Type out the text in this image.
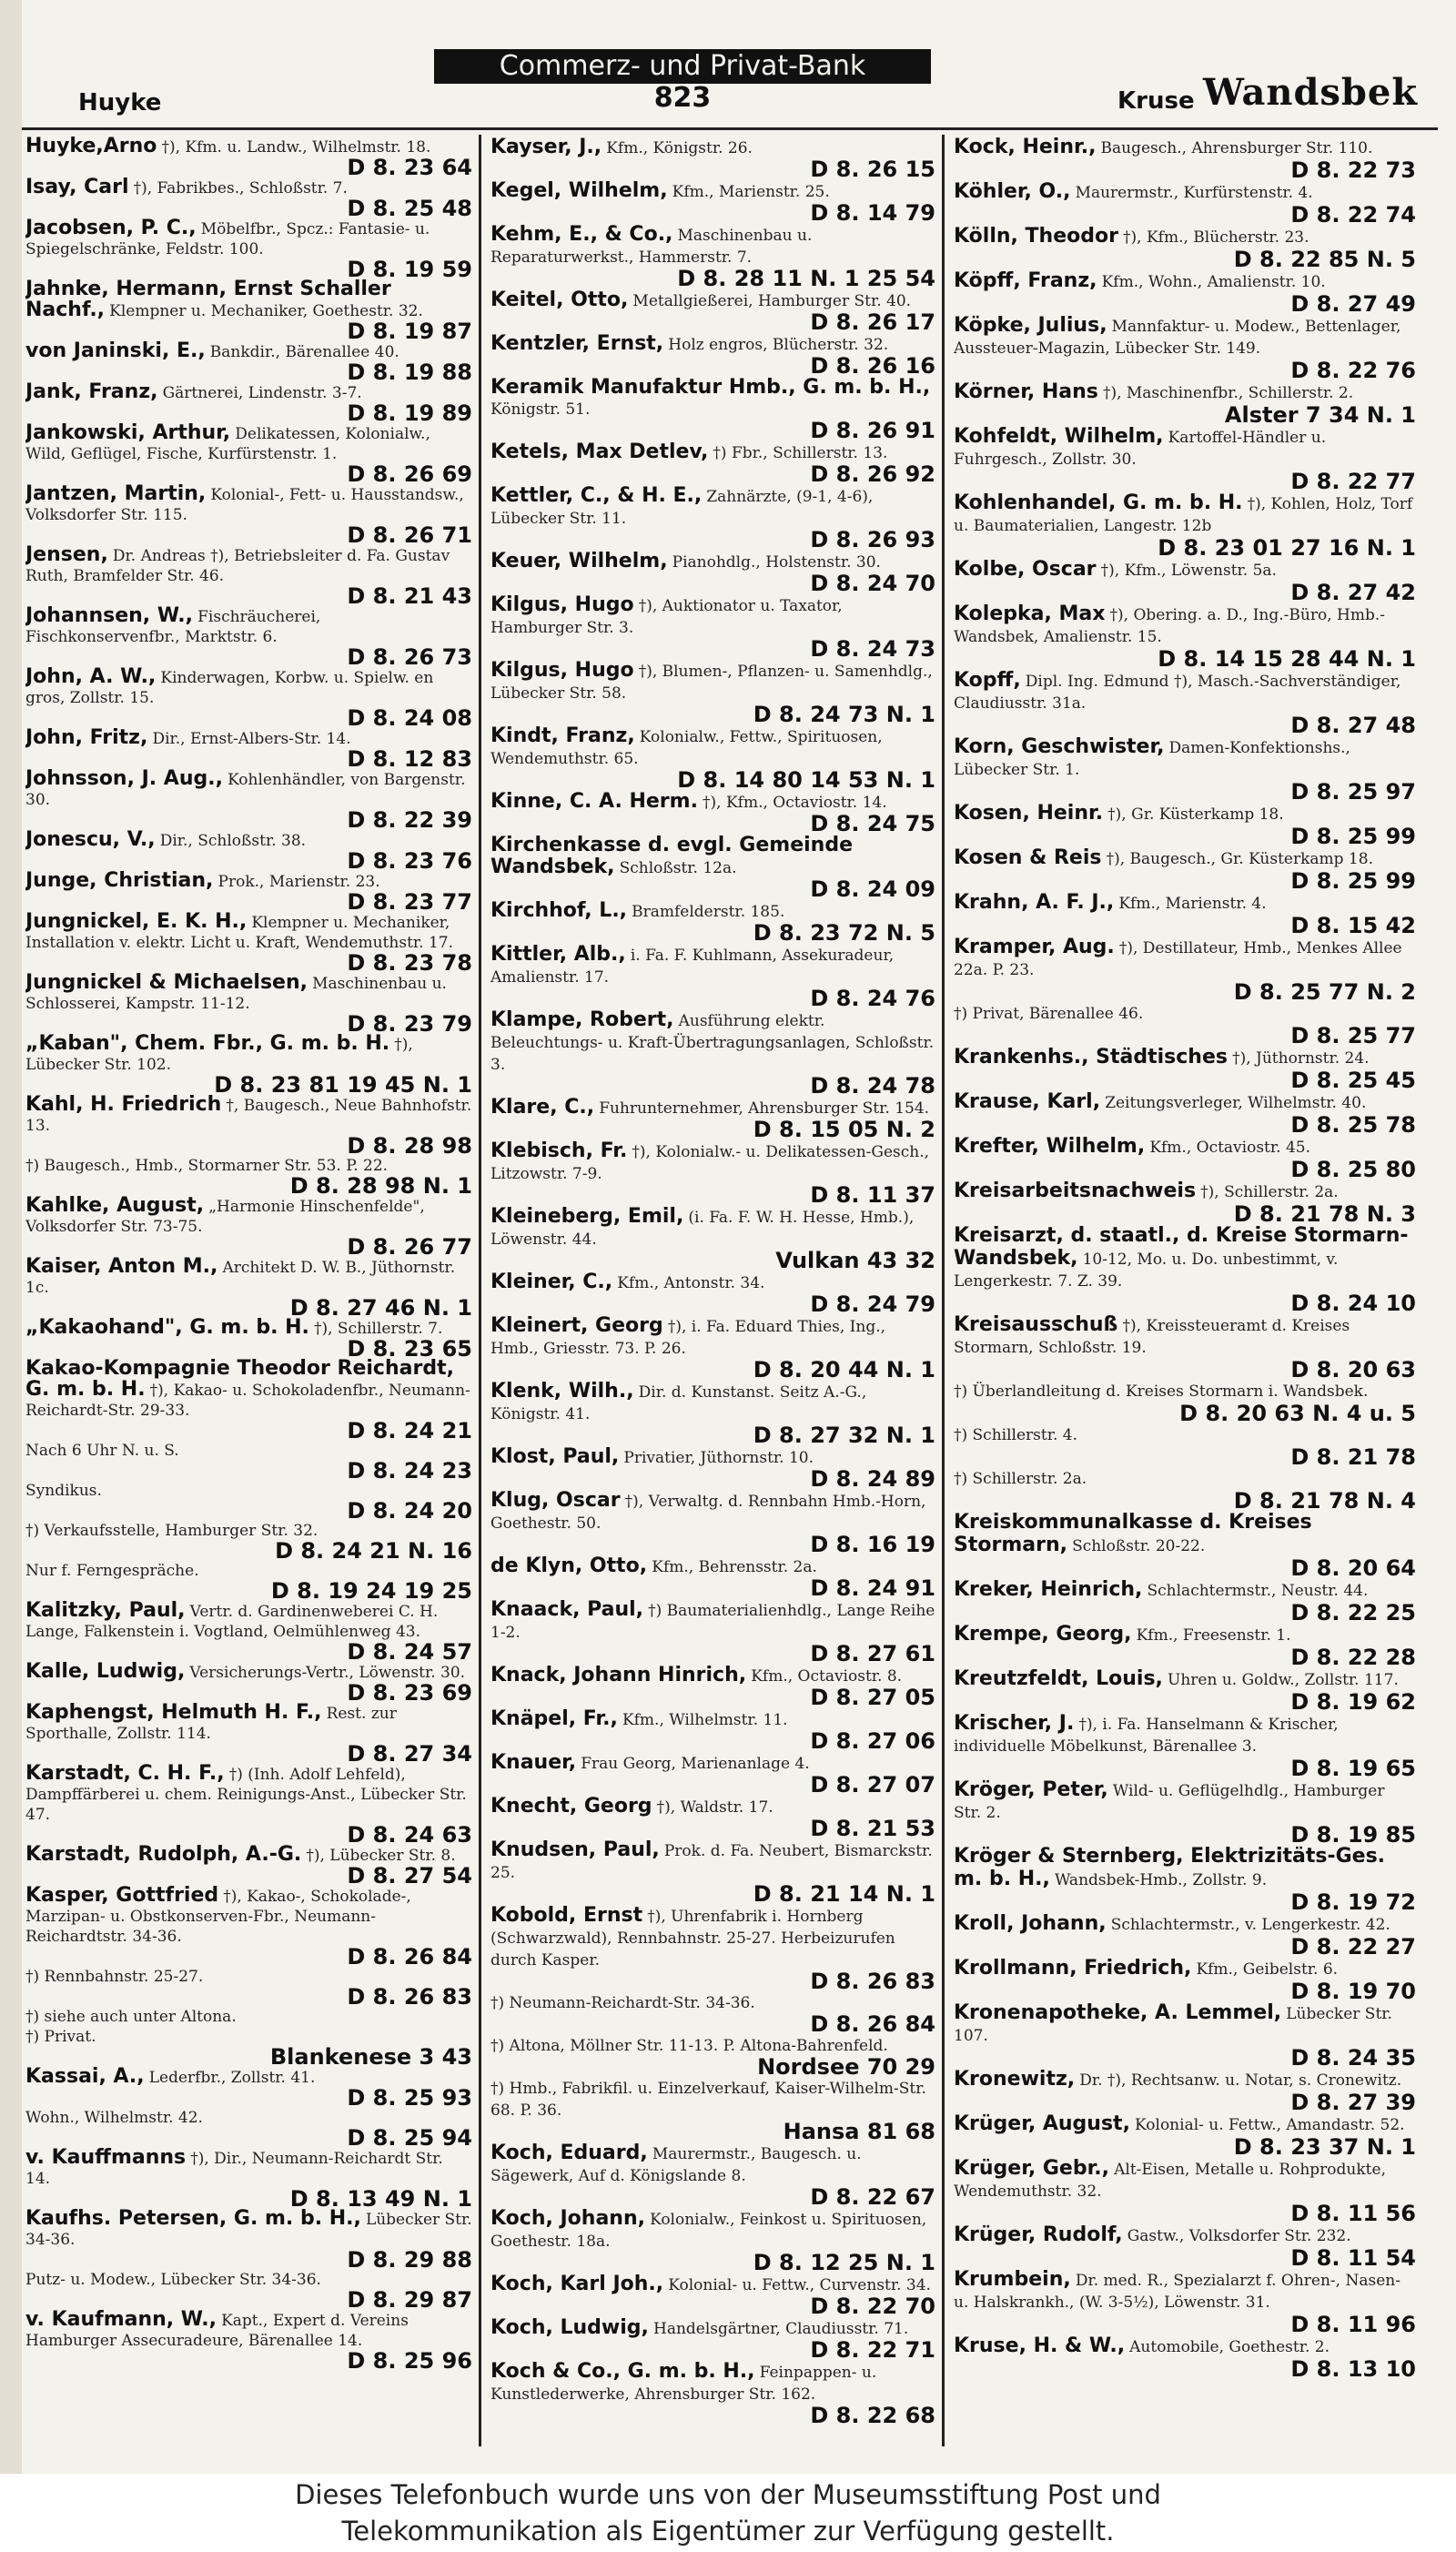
Huyke
Commerz- und Privat-Bank
823	Kruse Wandsbek
Huyke,Arno †), Kfm. u. Landw., Wilhelmstr. 18.
D 8. 23 64
Isay, Carl †), Fabrikbes., Schloßstr. 7.
D 8. 25 48
Jacobsen, P. C., Möbelfbr., Spcz.: Fantasie- u. Spiegelschränke, Feldstr. 100.
D 8. 19 59
Jahnke, Hermann, Ernst Schaller Nachf., Klempner u. Mechaniker, Goethestr. 32.
D 8. 19 87
von Janinski, E., Bankdir., Bärenallee 40.
D 8. 19 88
Jank, Franz, Gärtnerei, Lindenstr. 3-7.
D 8. 19 89
Jankowski, Arthur, Delikatessen, Kolonialw., Wild, Geflügel, Fische, Kurfürstenstr. 1.
D 8. 26 69
Jantzen, Martin, Kolonial-, Fett- u. Hausstandsw., Volksdorfer Str. 115.
D 8. 26 71
Jensen, Dr. Andreas †), Betriebsleiter d. Fa. Gustav Ruth, Bramfelder Str. 46.
D 8. 21 43
Johannsen, W., Fischräucherei, Fischkonservenfbr., Marktstr. 6.
D 8. 26 73
John, A. W., Kinderwagen, Korbw. u. Spielw. en gros, Zollstr. 15.
D 8. 24 08
John, Fritz, Dir., Ernst-Albers-Str. 14.
D 8. 12 83
Johnsson, J. Aug., Kohlenhändler, von Bargenstr. 30.
D 8. 22 39
Jonescu, V., Dir., Schloßstr. 38.
D 8. 23 76
Junge, Christian, Prok., Marienstr. 23.
D 8. 23 77
Jungnickel, E. K. H., Klempner u. Mechaniker, Installation v. elektr. Licht u. Kraft, Wendemuthstr. 17.
D 8. 23 78
Jungnickel & Michaelsen, Maschinenbau u. Schlosserei, Kampstr. 11-12.
D 8. 23 79
„Kaban", Chem. Fbr., G. m. b. H. †), Lübecker Str. 102.
D 8. 23 81 19 45 N. 1
Kahl, H. Friedrich †, Baugesch., Neue Bahnhofstr. 13.
D 8. 28 98
†) Baugesch., Hmb., Stormarner Str. 53. P. 22.
D 8. 28 98 N. 1
Kahlke, August, „Harmonie Hinschenfelde", Volksdorfer Str. 73-75.
D 8. 26 77
Kaiser, Anton M., Architekt D. W. B., Jüthornstr. 1c.
D 8. 27 46 N. 1
„Kakaohand", G. m. b. H. †), Schillerstr. 7.
D 8. 23 65
Kakao-Kompagnie Theodor Reichardt, G. m. b. H. †), Kakao- u. Schokoladenfbr., Neumann-Reichardt-Str. 29-33.
D 8. 24 21
Nach 6 Uhr N. u. S.
D 8. 24 23
Syndikus.
D 8. 24 20
†) Verkaufsstelle, Hamburger Str. 32.
D 8. 24 21 N. 16
Nur f. Ferngespräche.
D 8. 19 24 19 25
Kalitzky, Paul, Vertr. d. Gardinenweberei C. H. Lange, Falkenstein i. Vogtland, Oelmühlenweg 43.
D 8. 24 57
Kalle, Ludwig, Versicherungs-Vertr., Löwenstr. 30.
D 8. 23 69
Kaphengst, Helmuth H. F., Rest. zur Sporthalle, Zollstr. 114.
D 8. 27 34
Karstadt, C. H. F., †) (Inh. Adolf Lehfeld), Dampffärberei u. chem. Reinigungs-Anst., Lübecker Str. 47.
D 8. 24 63
Karstadt, Rudolph, A.-G. †), Lübecker Str. 8.
D 8. 27 54
Kasper, Gottfried †), Kakao-, Schokolade-, Marzipan- u. Obstkonserven-Fbr., Neumann-Reichardtstr. 34-36.
D 8. 26 84
†) Rennbahnstr. 25-27.
D 8. 26 83
†) siehe auch unter Altona.
†) Privat.
Blankenese 3 43
Kassai, A., Lederfbr., Zollstr. 41.
D 8. 25 93
Wohn., Wilhelmstr. 42.
D 8. 25 94
v. Kauffmanns †), Dir., Neumann-Reichardt Str. 14.
D 8. 13 49 N. 1
Kaufhs. Petersen, G. m. b. H., Lübecker Str. 34-36.
D 8. 29 88
Putz- u. Modew., Lübecker Str. 34-36.
D 8. 29 87
v. Kaufmann, W., Kapt., Expert d. Vereins Hamburger Assecuradeure, Bärenallee 14.
D 8. 25 96
Kayser, J., Kfm., Königstr. 26.
D 8. 26 15
Kegel, Wilhelm, Kfm., Marienstr. 25.
D 8. 14 79
Kehm, E., & Co., Maschinenbau u. Reparaturwerkst., Hammerstr. 7.
D 8. 28 11 N. 1 25 54
Keitel, Otto, Metallgießerei, Hamburger Str. 40.
D 8. 26 17
Kentzler, Ernst, Holz engros, Blücherstr. 32.
D 8. 26 16
Keramik Manufaktur Hmb., G. m. b. H., Königstr. 51.
D 8. 26 91
Ketels, Max Detlev, †) Fbr., Schillerstr. 13.
D 8. 26 92
Kettler, C., & H. E., Zahnärzte, (9-1, 4-6), Lübecker Str. 11.
D 8. 26 93
Keuer, Wilhelm, Pianohdlg., Holstenstr. 30.
D 8. 24 70
Kilgus, Hugo †), Auktionator u. Taxator, Hamburger Str. 3.
D 8. 24 73
Kilgus, Hugo †), Blumen-, Pflanzen- u. Samenhdlg., Lübecker Str. 58.
D 8. 24 73 N. 1
Kindt, Franz, Kolonialw., Fettw., Spirituosen, Wendemuthstr. 65.
D 8. 14 80 14 53 N. 1
Kinne, C. A. Herm. †), Kfm., Octaviostr. 14.
D 8. 24 75
Kirchenkasse d. evgl. Gemeinde Wandsbek, Schloßstr. 12a.
D 8. 24 09
Kirchhof, L., Bramfelderstr. 185.
D 8. 23 72 N. 5
Kittler, Alb., i. Fa. F. Kuhlmann, Assekuradeur, Amalienstr. 17.
D 8. 24 76
Klampe, Robert, Ausführung elektr. Beleuchtungs- u. Kraft-Übertragungsanlagen, Schloßstr. 3.
D 8. 24 78
Klare, C., Fuhrunternehmer, Ahrensburger Str. 154.
D 8. 15 05 N. 2
Klebisch, Fr. †), Kolonialw.- u. Delikatessen-Gesch., Litzowstr. 7-9.
D 8. 11 37
Kleineberg, Emil, (i. Fa. F. W. H. Hesse, Hmb.), Löwenstr. 44.
Vulkan 43 32
Kleiner, C., Kfm., Antonstr. 34.
D 8. 24 79
Kleinert, Georg †), i. Fa. Eduard Thies, Ing., Hmb., Griesstr. 73. P. 26.
D 8. 20 44 N. 1
Klenk, Wilh., Dir. d. Kunstanst. Seitz A.-G., Königstr. 41.
D 8. 27 32 N. 1
Klost, Paul, Privatier, Jüthornstr. 10.
D 8. 24 89
Klug, Oscar †), Verwaltg. d. Rennbahn Hmb.-Horn, Goethestr. 50.
D 8. 16 19
de Klyn, Otto, Kfm., Behrensstr. 2a.
D 8. 24 91
Knaack, Paul, †) Baumaterialienhdlg., Lange Reihe 1-2.
D 8. 27 61
Knack, Johann Hinrich, Kfm., Octaviostr. 8.
D 8. 27 05
Knäpel, Fr., Kfm., Wilhelmstr. 11.
D 8. 27 06
Knauer, Frau Georg, Marienanlage 4.
D 8. 27 07
Knecht, Georg †), Waldstr. 17.
D 8. 21 53
Knudsen, Paul, Prok. d. Fa. Neubert, Bismarckstr. 25.
D 8. 21 14 N. 1
Kobold, Ernst †), Uhrenfabrik i. Hornberg (Schwarzwald), Rennbahnstr. 25-27. Herbeizurufen durch Kasper.
D 8. 26 83
†) Neumann-Reichardt-Str. 34-36.
D 8. 26 84
†) Altona, Möllner Str. 11-13. P. Altona-Bahrenfeld.
Nordsee 70 29
†) Hmb., Fabrikfil. u. Einzelverkauf, Kaiser-Wilhelm-Str. 68. P. 36.
Hansa 81 68
Koch, Eduard, Maurermstr., Baugesch. u. Sägewerk, Auf d. Königslande 8.
D 8. 22 67
Koch, Johann, Kolonialw., Feinkost u. Spirituosen, Goethestr. 18a.
D 8. 12 25 N. 1
Koch, Karl Joh., Kolonial- u. Fettw., Curvenstr. 34.
D 8. 22 70
Koch, Ludwig, Handelsgärtner, Claudiusstr. 71.
D 8. 22 71
Koch & Co., G. m. b. H., Feinpappen- u. Kunstlederwerke, Ahrensburger Str. 162.
D 8. 22 68
Kock, Heinr., Baugesch., Ahrensburger Str. 110.
D 8. 22 73
Köhler, O., Maurermstr., Kurfürstenstr. 4.
D 8. 22 74
Kölln, Theodor †), Kfm., Blücherstr. 23.
D 8. 22 85 N. 5
Köpff, Franz, Kfm., Wohn., Amalienstr. 10.
D 8. 27 49
Köpke, Julius, Mannfaktur- u. Modew., Bettenlager, Aussteuer-Magazin, Lübecker Str. 149.
D 8. 22 76
Körner, Hans †), Maschinenfbr., Schillerstr. 2.
Alster 7 34 N. 1
Kohfeldt, Wilhelm, Kartoffel-Händler u. Fuhrgesch., Zollstr. 30.
D 8. 22 77
Kohlenhandel, G. m. b. H. †), Kohlen, Holz, Torf u. Baumaterialien, Langestr. 12b
D 8. 23 01 27 16 N. 1
Kolbe, Oscar †), Kfm., Löwenstr. 5a.
D 8. 27 42
Kolepka, Max †), Obering. a. D., Ing.-Büro, Hmb.-Wandsbek, Amalienstr. 15.
D 8. 14 15 28 44 N. 1
Kopff, Dipl. Ing. Edmund †), Masch.-Sachverständiger, Claudiusstr. 31a.
D 8. 27 48
Korn, Geschwister, Damen-Konfektionshs., Lübecker Str. 1.
D 8. 25 97
Kosen, Heinr. †), Gr. Küsterkamp 18.
D 8. 25 99
Kosen & Reis †), Baugesch., Gr. Küsterkamp 18.
D 8. 25 99
Krahn, A. F. J., Kfm., Marienstr. 4.
D 8. 15 42
Kramper, Aug. †), Destillateur, Hmb., Menkes Allee 22a. P. 23.
D 8. 25 77 N. 2
†) Privat, Bärenallee 46.
D 8. 25 77
Krankenhs., Städtisches †), Jüthornstr. 24.
D 8. 25 45
Krause, Karl, Zeitungsverleger, Wilhelmstr. 40.
D 8. 25 78
Krefter, Wilhelm, Kfm., Octaviostr. 45.
D 8. 25 80
Kreisarbeitsnachweis †), Schillerstr. 2a.
D 8. 21 78 N. 3
Kreisarzt, d. staatl., d. Kreise Stormarn-Wandsbek, 10-12, Mo. u. Do. unbestimmt, v. Lengerkestr. 7. Z. 39.
D 8. 24 10
Kreisausschuß †), Kreissteueramt d. Kreises Stormarn, Schloßstr. 19.
D 8. 20 63
†) Überlandleitung d. Kreises Stormarn i. Wandsbek.
D 8. 20 63 N. 4 u. 5
†) Schillerstr. 4.
D 8. 21 78
†) Schillerstr. 2a.
D 8. 21 78 N. 4
Kreiskommunalkasse d. Kreises Stormarn, Schloßstr. 20-22.
D 8. 20 64
Kreker, Heinrich, Schlachtermstr., Neustr. 44.
D 8. 22 25
Krempe, Georg, Kfm., Freesenstr. 1.
D 8. 22 28
Kreutzfeldt, Louis, Uhren u. Goldw., Zollstr. 117.
D 8. 19 62
Krischer, J. †), i. Fa. Hanselmann & Krischer, individuelle Möbelkunst, Bärenallee 3.
D 8. 19 65
Kröger, Peter, Wild- u. Geflügelhdlg., Hamburger Str. 2.
D 8. 19 85
Kröger & Sternberg, Elektrizitäts-Ges. m. b. H., Wandsbek-Hmb., Zollstr. 9.
D 8. 19 72
Kroll, Johann, Schlachtermstr., v. Lengerkestr. 42.
D 8. 22 27
Krollmann, Friedrich, Kfm., Geibelstr. 6.
D 8. 19 70
Kronenapotheke, A. Lemmel, Lübecker Str. 107.
D 8. 24 35
Kronewitz, Dr. †), Rechtsanw. u. Notar, s. Cronewitz.
D 8. 27 39
Krüger, August, Kolonial- u. Fettw., Amandastr. 52.
D 8. 23 37 N. 1
Krüger, Gebr., Alt-Eisen, Metalle u. Rohprodukte, Wendemuthstr. 32.
D 8. 11 56
Krüger, Rudolf, Gastw., Volksdorfer Str. 232.
D 8. 11 54
Krumbein, Dr. med. R., Spezialarzt f. Ohren-, Nasen- u. Halskrankh., (W. 3-5½), Löwenstr. 31.
D 8. 11 96
Kruse, H. & W., Automobile, Goethestr. 2.
D 8. 13 10
Dieses Telefonbuch wurde uns von der Museumsstiftung Post und
Telekommunikation als Eigentümer zur Verfügung gestellt.
